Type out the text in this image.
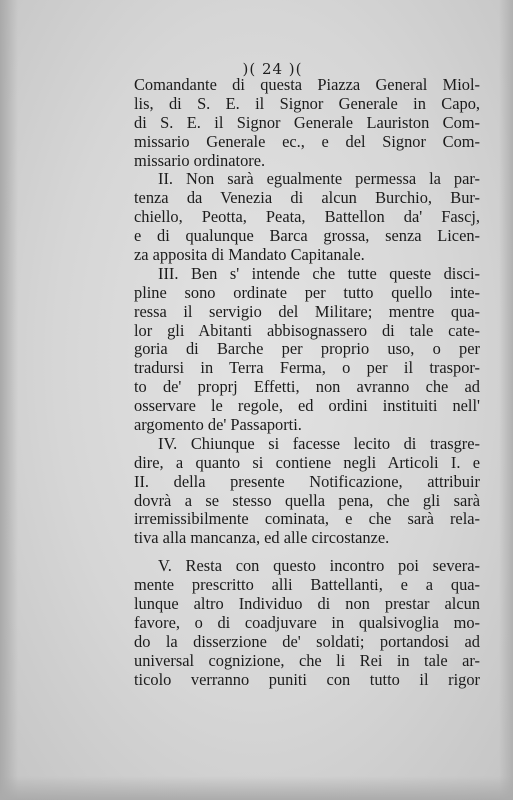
)( 24 )(
Comandante di questa Piazza General Miol-
lis, di S. E. il Signor Generale in Capo,
di S. E. il Signor Generale Lauriston Com-
missario Generale ec., e del Signor Com-
missario ordinatore.
II. Non sarà egualmente permessa la par-
tenza da Venezia di alcun Burchio, Bur-
chiello, Peotta, Peata, Battellon da' Fascj,
e di qualunque Barca grossa, senza Licen-
za apposita di Mandato Capitanale.
III. Ben s' intende che tutte queste disci-
pline sono ordinate per tutto quello inte-
ressa il servigio del Militare; mentre qua-
lor gli Abitanti abbisognassero di tale cate-
goria di Barche per proprio uso, o per
tradursi in Terra Ferma, o per il traspor-
to de' proprj Effetti, non avranno che ad
osservare le regole, ed ordini instituiti nell'
argomento de' Passaporti.
IV. Chiunque si facesse lecito di trasgre-
dire, a quanto si contiene negli Articoli I. e
II. della presente Notificazione, attribuir
dovrà a se stesso quella pena, che gli sarà
irremissibilmente cominata, e che sarà rela-
tiva alla mancanza, ed alle circostanze.
V. Resta con questo incontro poi severa-
mente prescritto alli Battellanti, e a qua-
lunque altro Individuo di non prestar alcun
favore, o di coadjuvare in qualsivoglia mo-
do la disserzione de' soldati; portandosi ad
universal cognizione, che li Rei in tale ar-
ticolo verranno puniti con tutto il rigor
